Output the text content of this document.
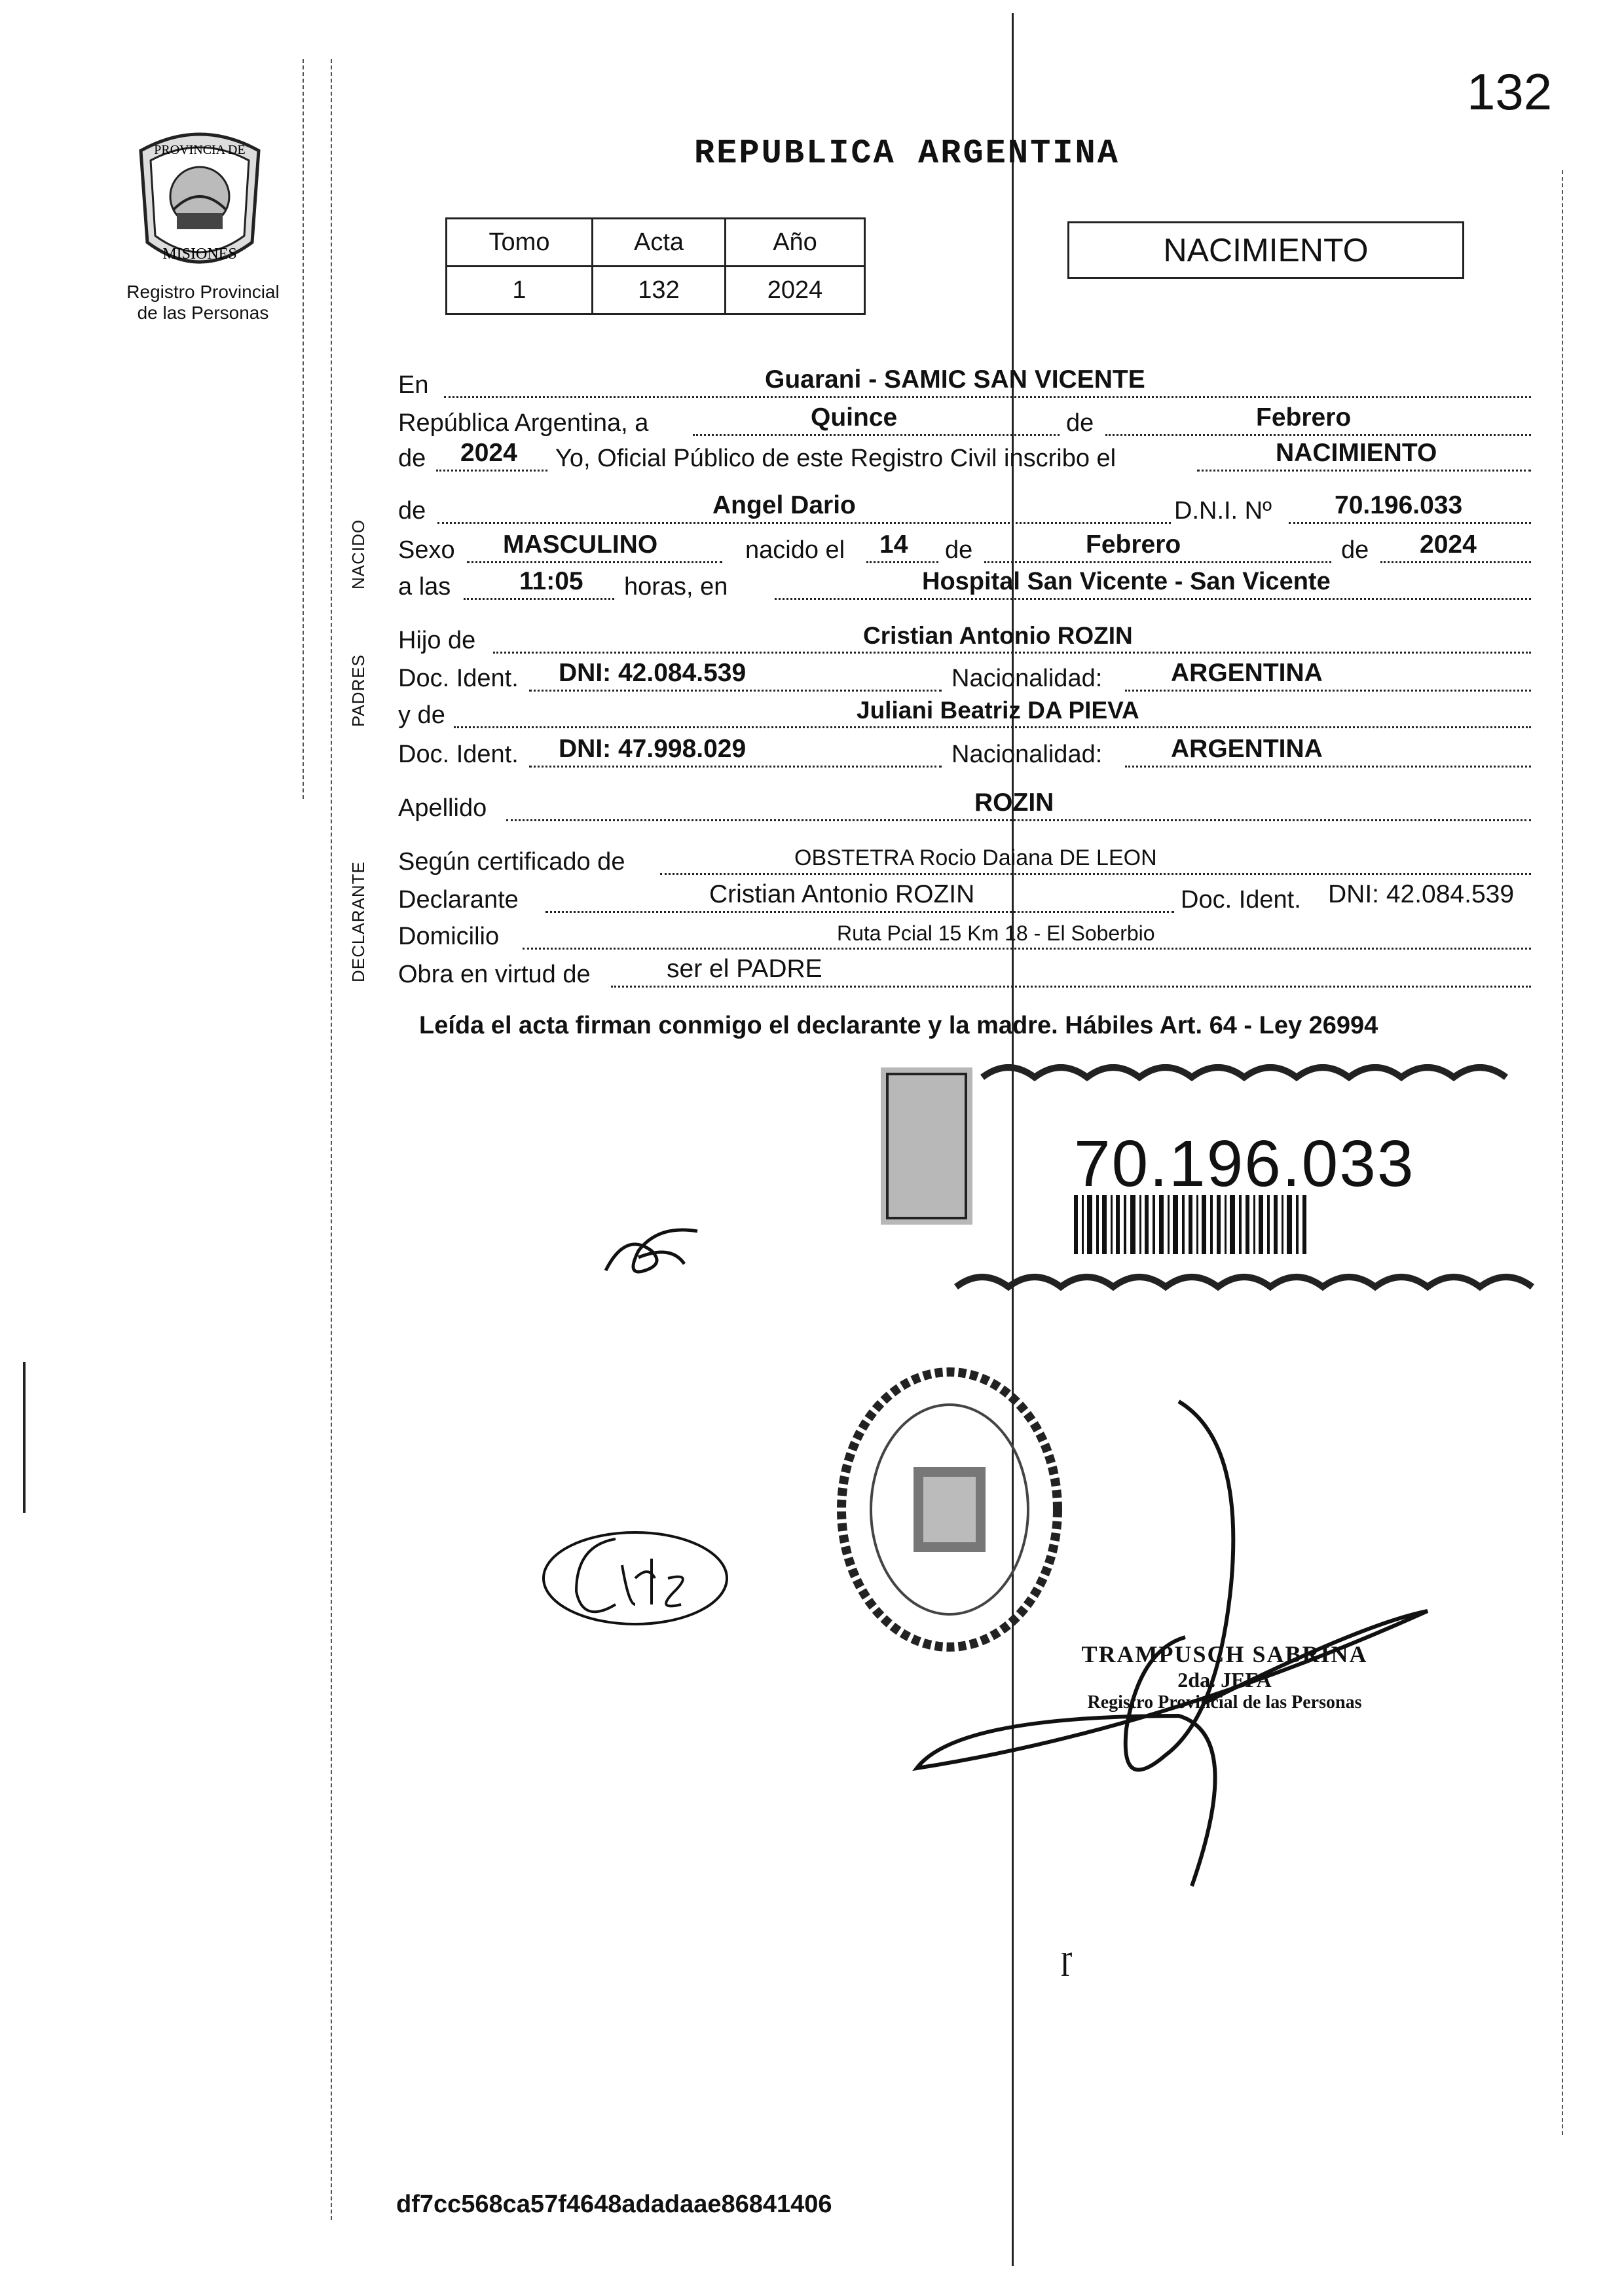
132
PROVINCIA DE
MISIONES
Registro Provincial
de las Personas
REPUBLICA ARGENTINA
Tomo	Acta	Año
1	132	2024
NACIMIENTO
NACIDO
PADRES
DECLARANTE
En	Guarani - SAMIC SAN VICENTE
República Argentina, a	Quince	de	Febrero
de 2024 Yo, Oficial Público de este Registro Civil inscribo el	NACIMIENTO
de	Angel Dario	D.N.I. Nº 70.196.033
Sexo MASCULINO	nacido el 14 de	Febrero	de 2024
a las	11:05 horas, en	Hospital San Vicente - San Vicente
Hijo de	Cristian Antonio ROZIN
Doc. Ident. DNI: 42.084.539	Nacionalidad:	ARGENTINA
y de	Juliani Beatriz DA PIEVA
Doc. Ident. DNI: 47.998.029	Nacionalidad:	ARGENTINA
Apellido	ROZIN
Según certificado de	OBSTETRA Rocio Daiana DE LEON
Declarante	Cristian Antonio ROZIN	Doc. Ident. DNI: 42.084.539
Domicilio	Ruta Pcial 15 Km 18 - El Soberbio
Obra en virtud de	ser el PADRE
Leída el acta firman conmigo el declarante y la madre. Hábiles Art. 64 - Ley 26994
70.196.033
TRAMPUSCH SABRINA
2da. JEFA
Registro Provincial de las Personas
ɼ
df7cc568ca57f4648adadaae86841406
